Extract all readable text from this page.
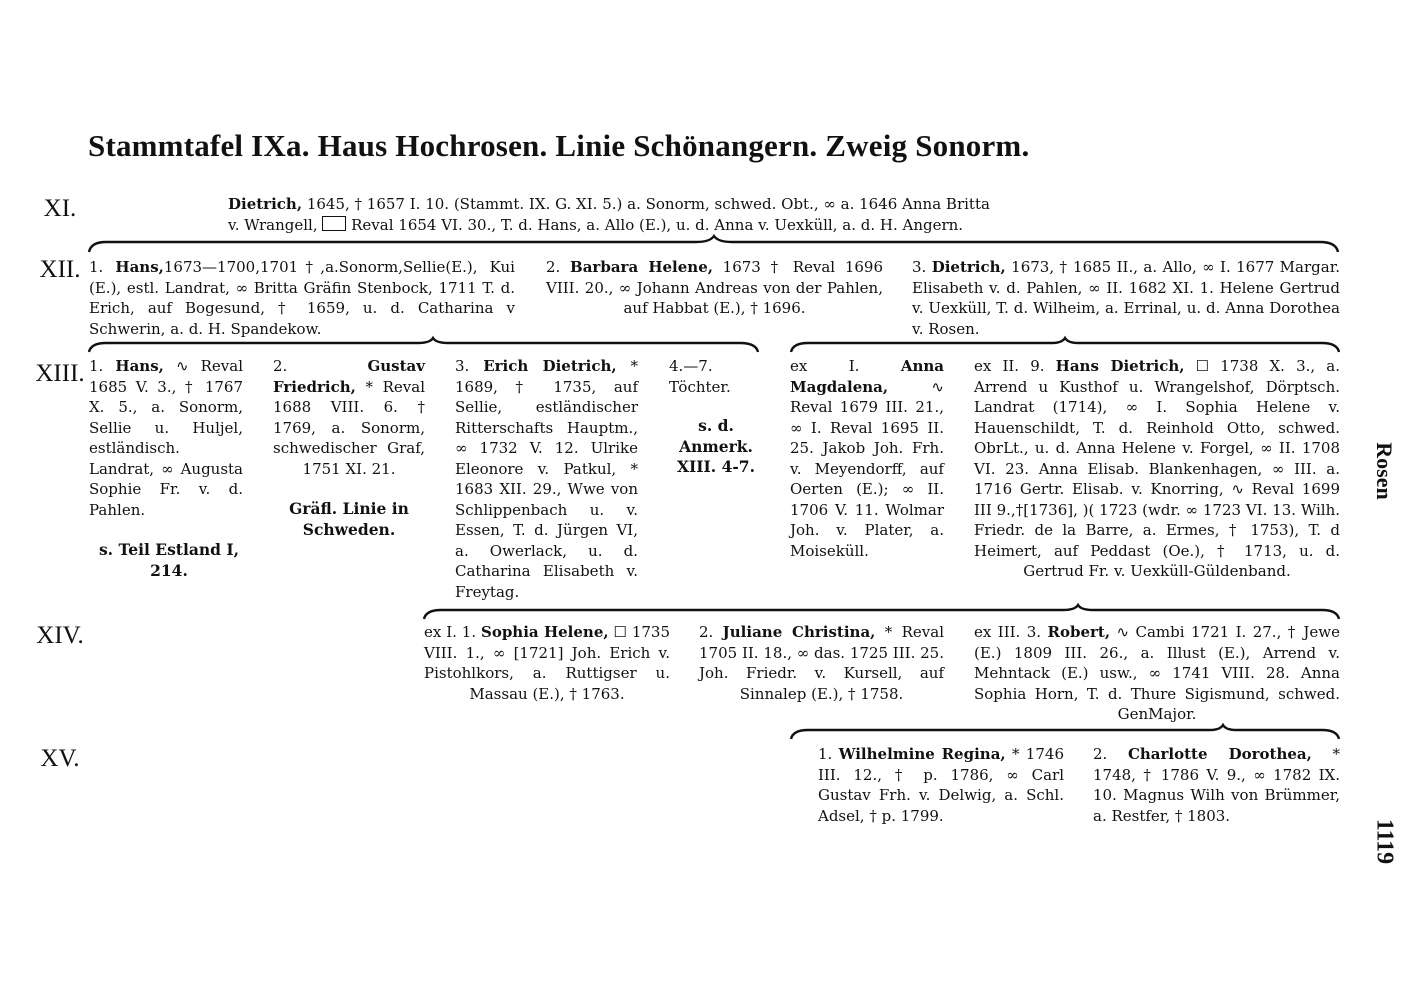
Stammtafel IXa. Haus Hochrosen. Linie Schönangern. Zweig Sonorm.
XI.
XII.
XIII.
XIV.
XV.
Dietrich, 1645, † 1657 I. 10. (Stammt. IX. G. XI. 5.) a. Sonorm, schwed. Obt., ∞ a. 1646 Anna Britta
v. Wrangell,  Reval 1654 VI. 30., T. d. Hans, a. Allo (E.), u. d. Anna v. Uexküll, a. d. H. Angern.
1. Hans,1673—1700,1701†,a.Sonorm,Sellie(E.), Kui (E.), estl. Landrat, ∞ Britta Gräfin Stenbock, 1711 T. d. Erich, auf Bogesund, † 1659, u. d. Catharina v Schwerin, a. d. H. Spandekow.
2. Barbara Helene, 1673 † Reval 1696 VIII. 20., ∞ Johann Andreas von der Pahlen, auf Habbat (E.), † 1696.
3. Dietrich, 1673, † 1685 II., a. Allo, ∞ I. 1677 Margar. Elisabeth v. d. Pahlen, ∞ II. 1682 XI. 1. Helene Gertrud v. Uexküll, T. d. Wilheim, a. Errinal, u. d. Anna Dorothea v. Rosen.
1. Hans, ∿ Reval 1685 V. 3., † 1767 X. 5., a. Sonorm, Sellie u. Huljel, estländisch. Landrat, ∞ Augusta Sophie Fr. v. d. Pahlen.
s. Teil Estland I, 214.
2. Gustav Friedrich, * Reval 1688 VIII. 6. † 1769, a. Sonorm, schwedischer Graf, 1751 XI. 21.
Gräfl. Linie in Schweden.
3. Erich Dietrich, * 1689, † 1735, auf Sellie, estländischer Ritterschafts Hauptm., ∞ 1732 V. 12. Ulrike Eleonore v. Patkul, * 1683 XII. 29., Wwe von Schlippenbach u. v. Essen, T. d. Jürgen VI, a. Owerlack, u. d. Catharina Elisabeth v. Freytag.
4.—7.
Töchter.
s. d. Anmerk. XIII. 4-7.
ex I. Anna Magdalena, ∿ Reval 1679 III. 21., ∞ I. Reval 1695 II. 25. Jakob Joh. Frh. v. Meyendorff, auf Oerten (E.); ∞ II. 1706 V. 11. Wolmar Joh. v. Plater, a. Moiseküll.
ex II. 9. Hans Dietrich, ☐ 1738 X. 3., a. Arrend u Kusthof u. Wrangelshof, Dörptsch. Landrat (1714), ∞ I. Sophia Helene v. Hauenschildt, T. d. Reinhold Otto, schwed. ObrLt., u. d. Anna Helene v. Forgel, ∞ II. 1708 VI. 23. Anna Elisab. Blankenhagen, ∞ III. a. 1716 Gertr. Elisab. v. Knorring, ∿ Reval 1699 III 9.,†[1736], )( 1723 (wdr. ∞ 1723 VI. 13. Wilh. Friedr. de la Barre, a. Ermes, † 1753), T. d Heimert, auf Peddast (Oe.), † 1713, u. d. Gertrud Fr. v. Uexküll-Güldenband.
ex I. 1. Sophia Helene, ☐ 1735 VIII. 1., ∞ [1721] Joh. Erich v. Pistohlkors, a. Ruttigser u. Massau (E.), † 1763.
2. Juliane Christina, * Reval 1705 II. 18., ∞ das. 1725 III. 25. Joh. Friedr. v. Kursell, auf Sinnalep (E.), † 1758.
ex III. 3. Robert, ∿ Cambi 1721 I. 27., † Jewe (E.) 1809 III. 26., a. Illust (E.), Arrend v. Mehntack (E.) usw., ∞ 1741 VIII. 28. Anna Sophia Horn, T. d. Thure Sigismund, schwed. GenMajor.
1. Wilhelmine Regina, * 1746 III. 12., † p. 1786, ∞ Carl Gustav Frh. v. Delwig, a. Schl. Adsel, † p. 1799.
2. Charlotte Dorothea, * 1748, † 1786 V. 9., ∞ 1782 IX. 10. Magnus Wilh von Brümmer, a. Restfer, † 1803.
Rosen
1119
